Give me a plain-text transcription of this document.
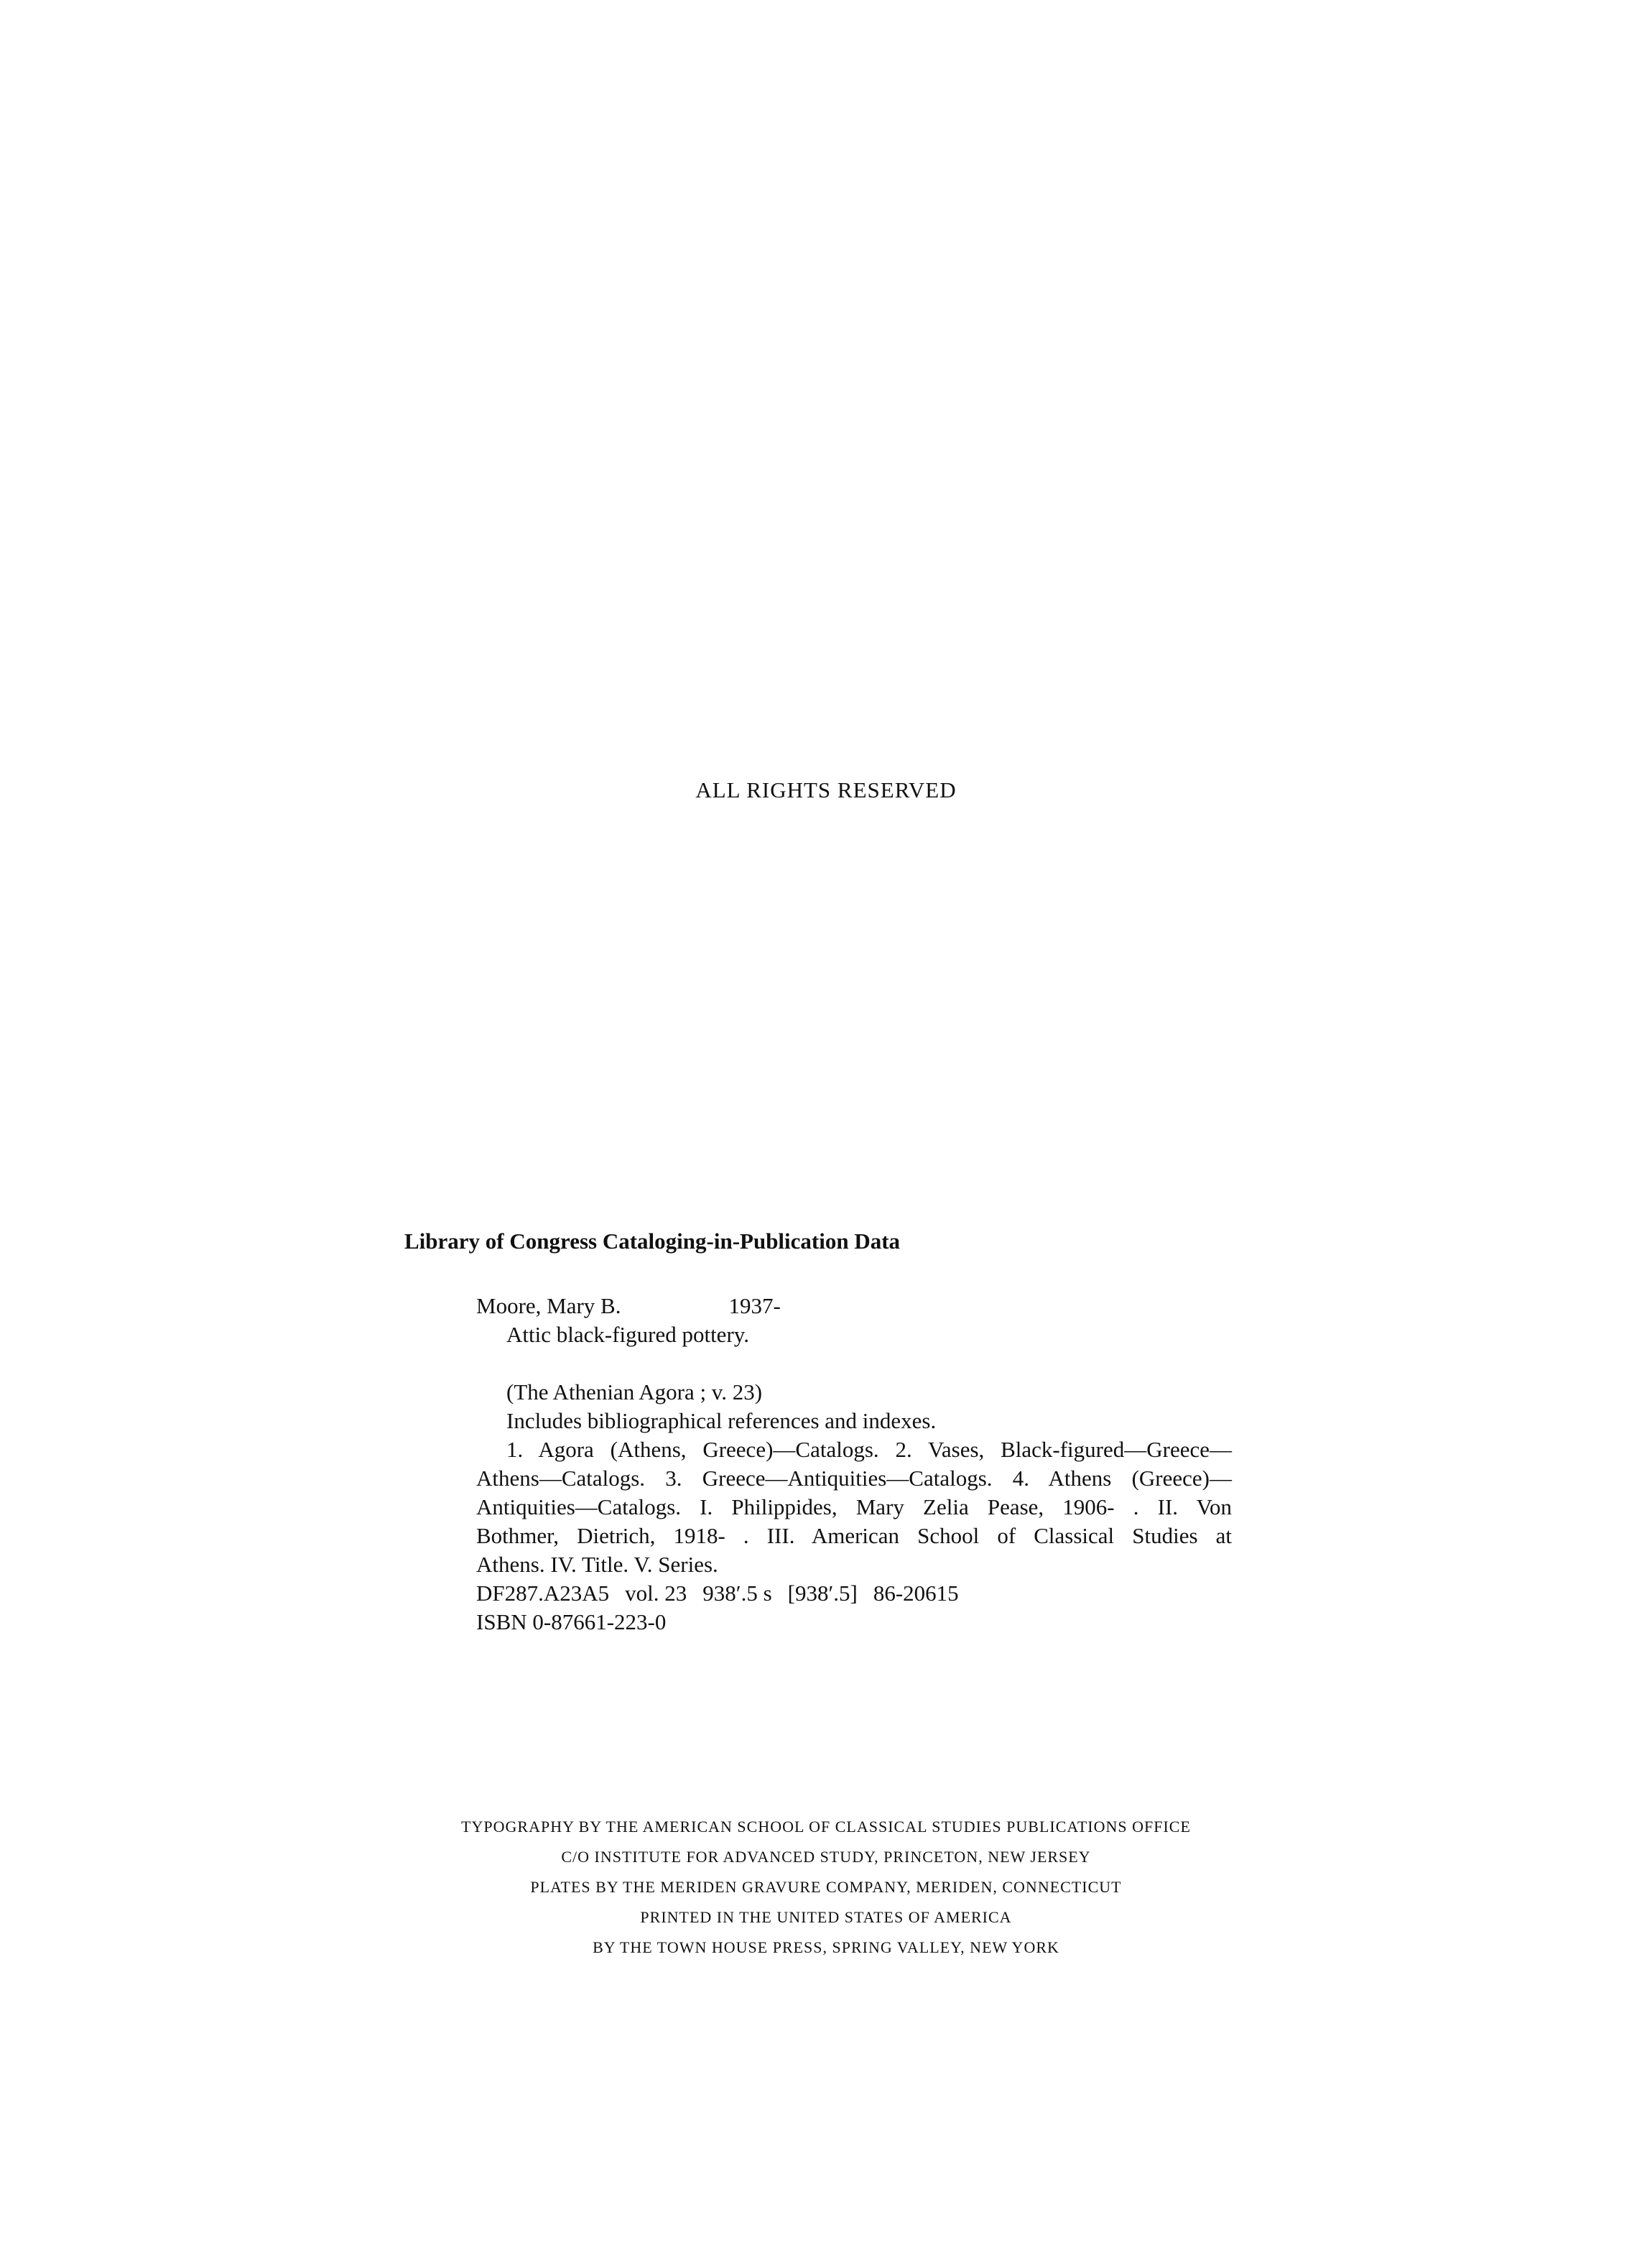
ALL RIGHTS RESERVED
Library of Congress Cataloging-in-Publication Data
Moore, Mary B.	1937-
Attic black-figured pottery.
(The Athenian Agora ; v. 23)
Includes bibliographical references and indexes.
1. Agora (Athens, Greece)—Catalogs. 2. Vases, Black-figured—Greece—
Athens—Catalogs. 3. Greece—Antiquities—Catalogs. 4. Athens (Greece)—
Antiquities—Catalogs. I. Philippides, Mary Zelia Pease, 1906- . II. Von
Bothmer, Dietrich, 1918- . III. American School of Classical Studies at
Athens. IV. Title. V. Series.
DF287.A23A5 vol. 23 938′.5 s [938′.5] 86-20615
ISBN 0-87661-223-0
TYPOGRAPHY BY THE AMERICAN SCHOOL OF CLASSICAL STUDIES PUBLICATIONS OFFICE
C/O INSTITUTE FOR ADVANCED STUDY, PRINCETON, NEW JERSEY
PLATES BY THE MERIDEN GRAVURE COMPANY, MERIDEN, CONNECTICUT
PRINTED IN THE UNITED STATES OF AMERICA
BY THE TOWN HOUSE PRESS, SPRING VALLEY, NEW YORK
